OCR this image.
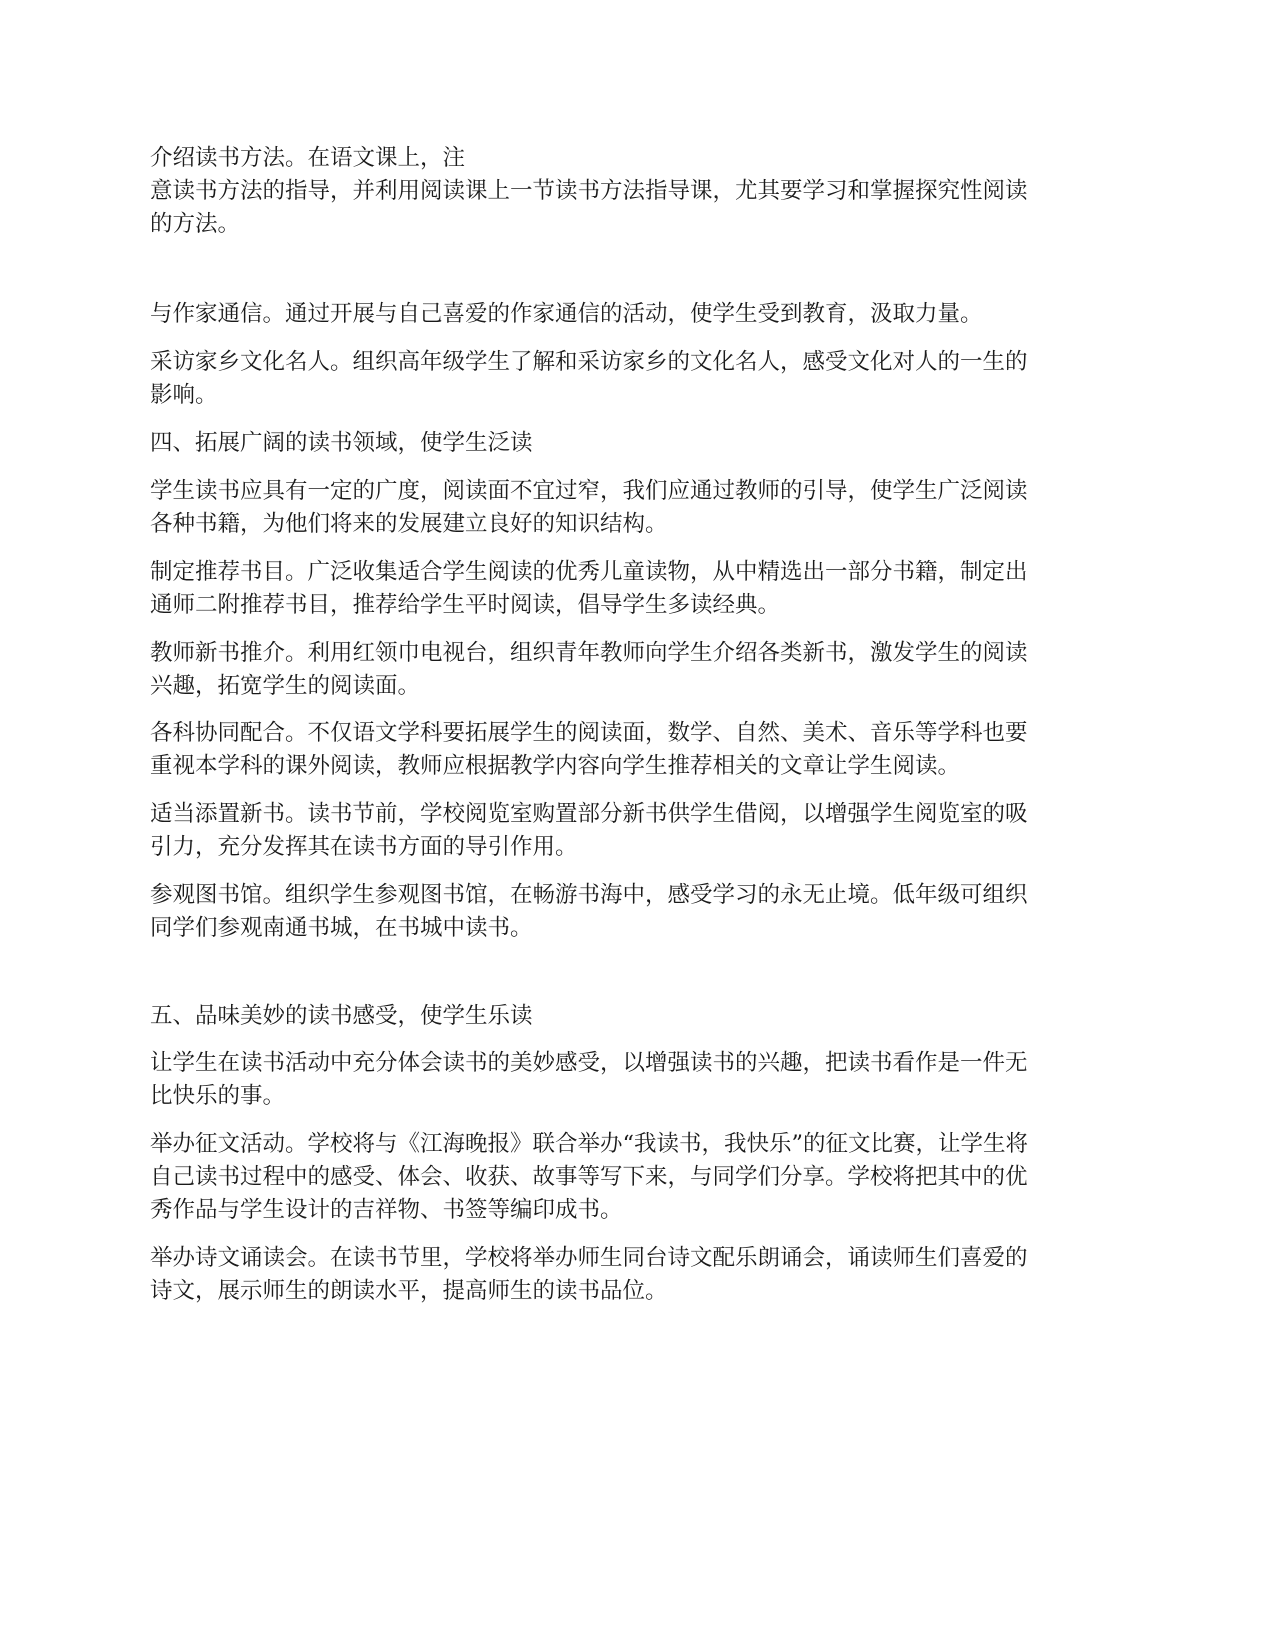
介绍读书方法。在语文课上，注
意读书方法的指导，并利用阅读课上一节读书方法指导课，尤其要学习和掌握探究性阅读
的方法。

与作家通信。通过开展与自己喜爱的作家通信的活动，使学生受到教育，汲取力量。

采访家乡文化名人。组织高年级学生了解和采访家乡的文化名人，感受文化对人的一生的
影响。

四、拓展广阔的读书领域，使学生泛读

学生读书应具有一定的广度，阅读面不宜过窄，我们应通过教师的引导，使学生广泛阅读
各种书籍，为他们将来的发展建立良好的知识结构。

制定推荐书目。广泛收集适合学生阅读的优秀儿童读物，从中精选出一部分书籍，制定出
通师二附推荐书目，推荐给学生平时阅读，倡导学生多读经典。

教师新书推介。利用红领巾电视台，组织青年教师向学生介绍各类新书，激发学生的阅读
兴趣，拓宽学生的阅读面。

各科协同配合。不仅语文学科要拓展学生的阅读面，数学、自然、美术、音乐等学科也要
重视本学科的课外阅读，教师应根据教学内容向学生推荐相关的文章让学生阅读。

适当添置新书。读书节前，学校阅览室购置部分新书供学生借阅，以增强学生阅览室的吸
引力，充分发挥其在读书方面的导引作用。

参观图书馆。组织学生参观图书馆，在畅游书海中，感受学习的永无止境。低年级可组织
同学们参观南通书城，在书城中读书。

五、品味美妙的读书感受，使学生乐读

让学生在读书活动中充分体会读书的美妙感受，以增强读书的兴趣，把读书看作是一件无
比快乐的事。

举办征文活动。学校将与《江海晚报》联合举办“我读书，我快乐”的征文比赛，让学生将
自己读书过程中的感受、体会、收获、故事等写下来，与同学们分享。学校将把其中的优
秀作品与学生设计的吉祥物、书签等编印成书。

举办诗文诵读会。在读书节里，学校将举办师生同台诗文配乐朗诵会，诵读师生们喜爱的
诗文，展示师生的朗读水平，提高师生的读书品位。
